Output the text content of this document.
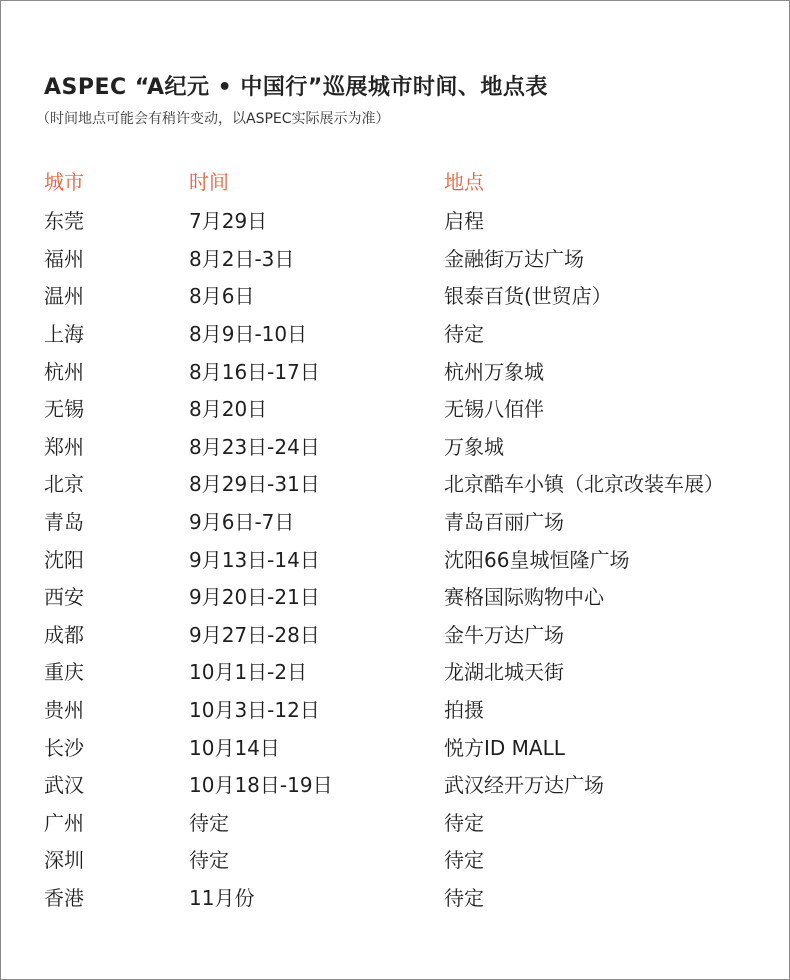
ASPEC “A纪元 • 中国行”巡展城市时间、地点表
（时间地点可能会有稍许变动，以ASPEC实际展示为准）
城市	时间	地点
东莞	7月29日	启程
福州	8月2日-3日	金融街万达广场
温州	8月6日	银泰百货(世贸店）
上海	8月9日-10日	待定
杭州	8月16日-17日	杭州万象城
无锡	8月20日	无锡八佰伴
郑州	8月23日-24日	万象城
北京	8月29日-31日	北京酷车小镇（北京改装车展）
青岛	9月6日-7日	青岛百丽广场
沈阳	9月13日-14日	沈阳66皇城恒隆广场
西安	9月20日-21日	赛格国际购物中心
成都	9月27日-28日	金牛万达广场
重庆	10月1日-2日	龙湖北城天街
贵州	10月3日-12日	拍摄
长沙	10月14日	悦方ID MALL
武汉	10月18日-19日	武汉经开万达广场
广州	待定	待定
深圳	待定	待定
香港	11月份	待定
